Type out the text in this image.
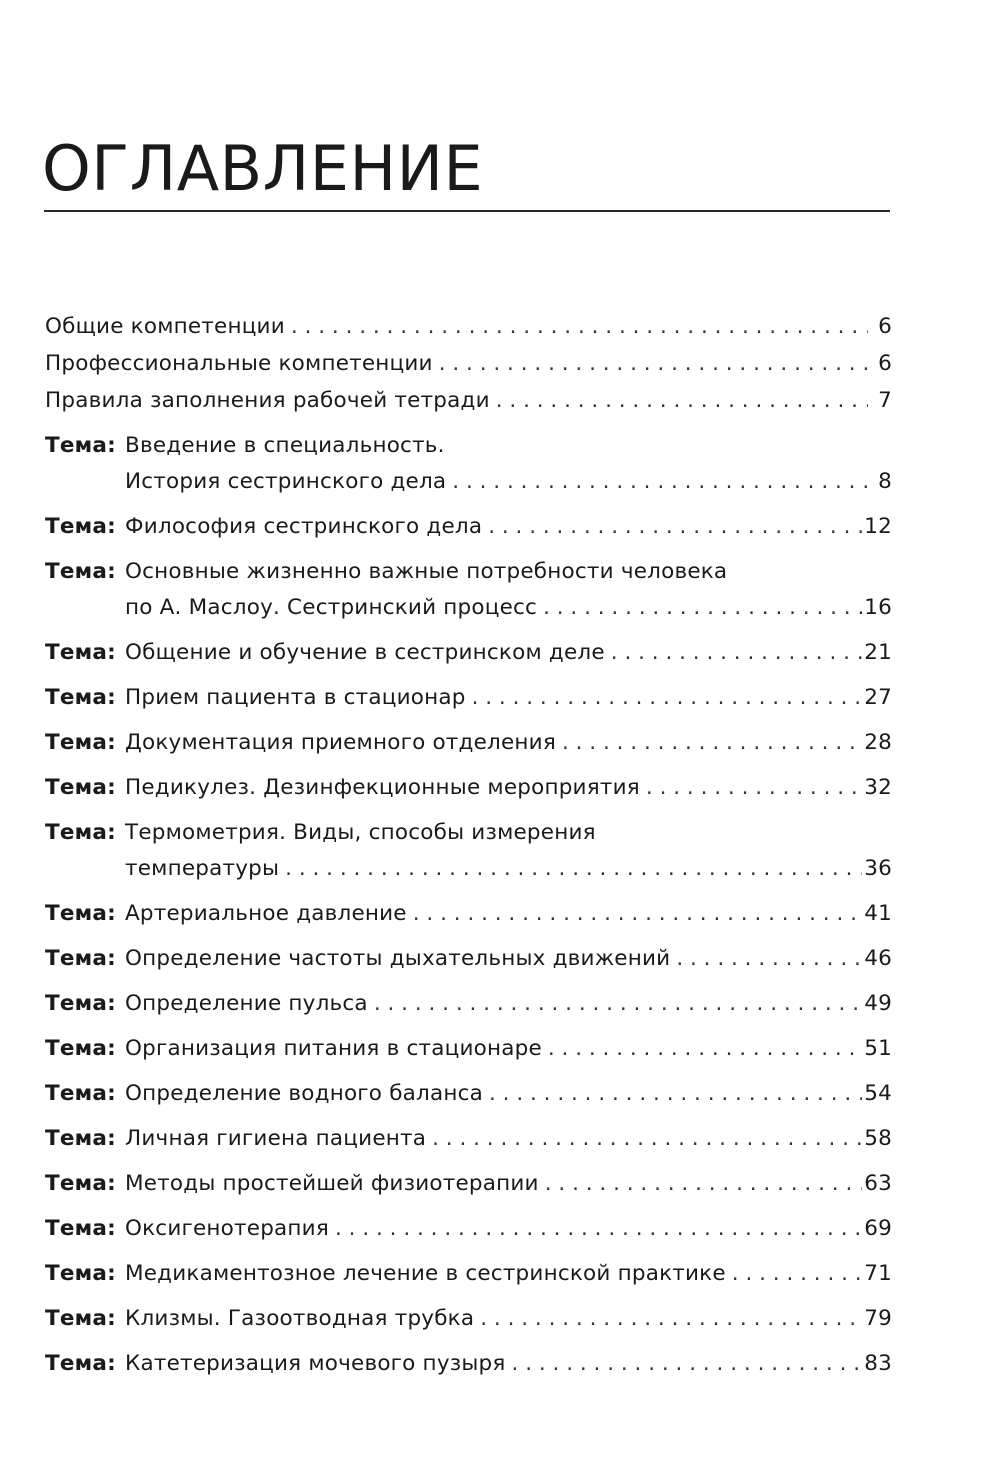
ОГЛАВЛЕНИЕ
Общие компетенции . . .	6
Профессиональные компетенции . . .	6
Правила заполнения рабочей тетради . . .	7
Тема: Введение в специальность.
История сестринского дела . . .	8
Тема: Философия сестринского дела . . .	12
Тема: Основные жизненно важные потребности человека
по А. Маслоу. Сестринский процесс . . .	16
Тема: Общение и обучение в сестринском деле . . .	21
Тема: Прием пациента в стационар . . .	27
Тема: Документация приемного отделения . . .	28
Тема: Педикулез. Дезинфекционные мероприятия . . .	32
Тема: Термометрия. Виды, способы измерения
температуры . . .	36
Тема: Артериальное давление . . .	41
Тема: Определение частоты дыхательных движений . . .	46
Тема: Определение пульса . . .	49
Тема: Организация питания в стационаре . . .	51
Тема: Определение водного баланса . . .	54
Тема: Личная гигиена пациента . . .	58
Тема: Методы простейшей физиотерапии . . .	63
Тема: Оксигенотерапия . . .	69
Тема: Медикаментозное лечение в сестринской практике . . .	71
Тема: Клизмы. Газоотводная трубка . . .	79
Тема: Катетеризация мочевого пузыря . . .	83
